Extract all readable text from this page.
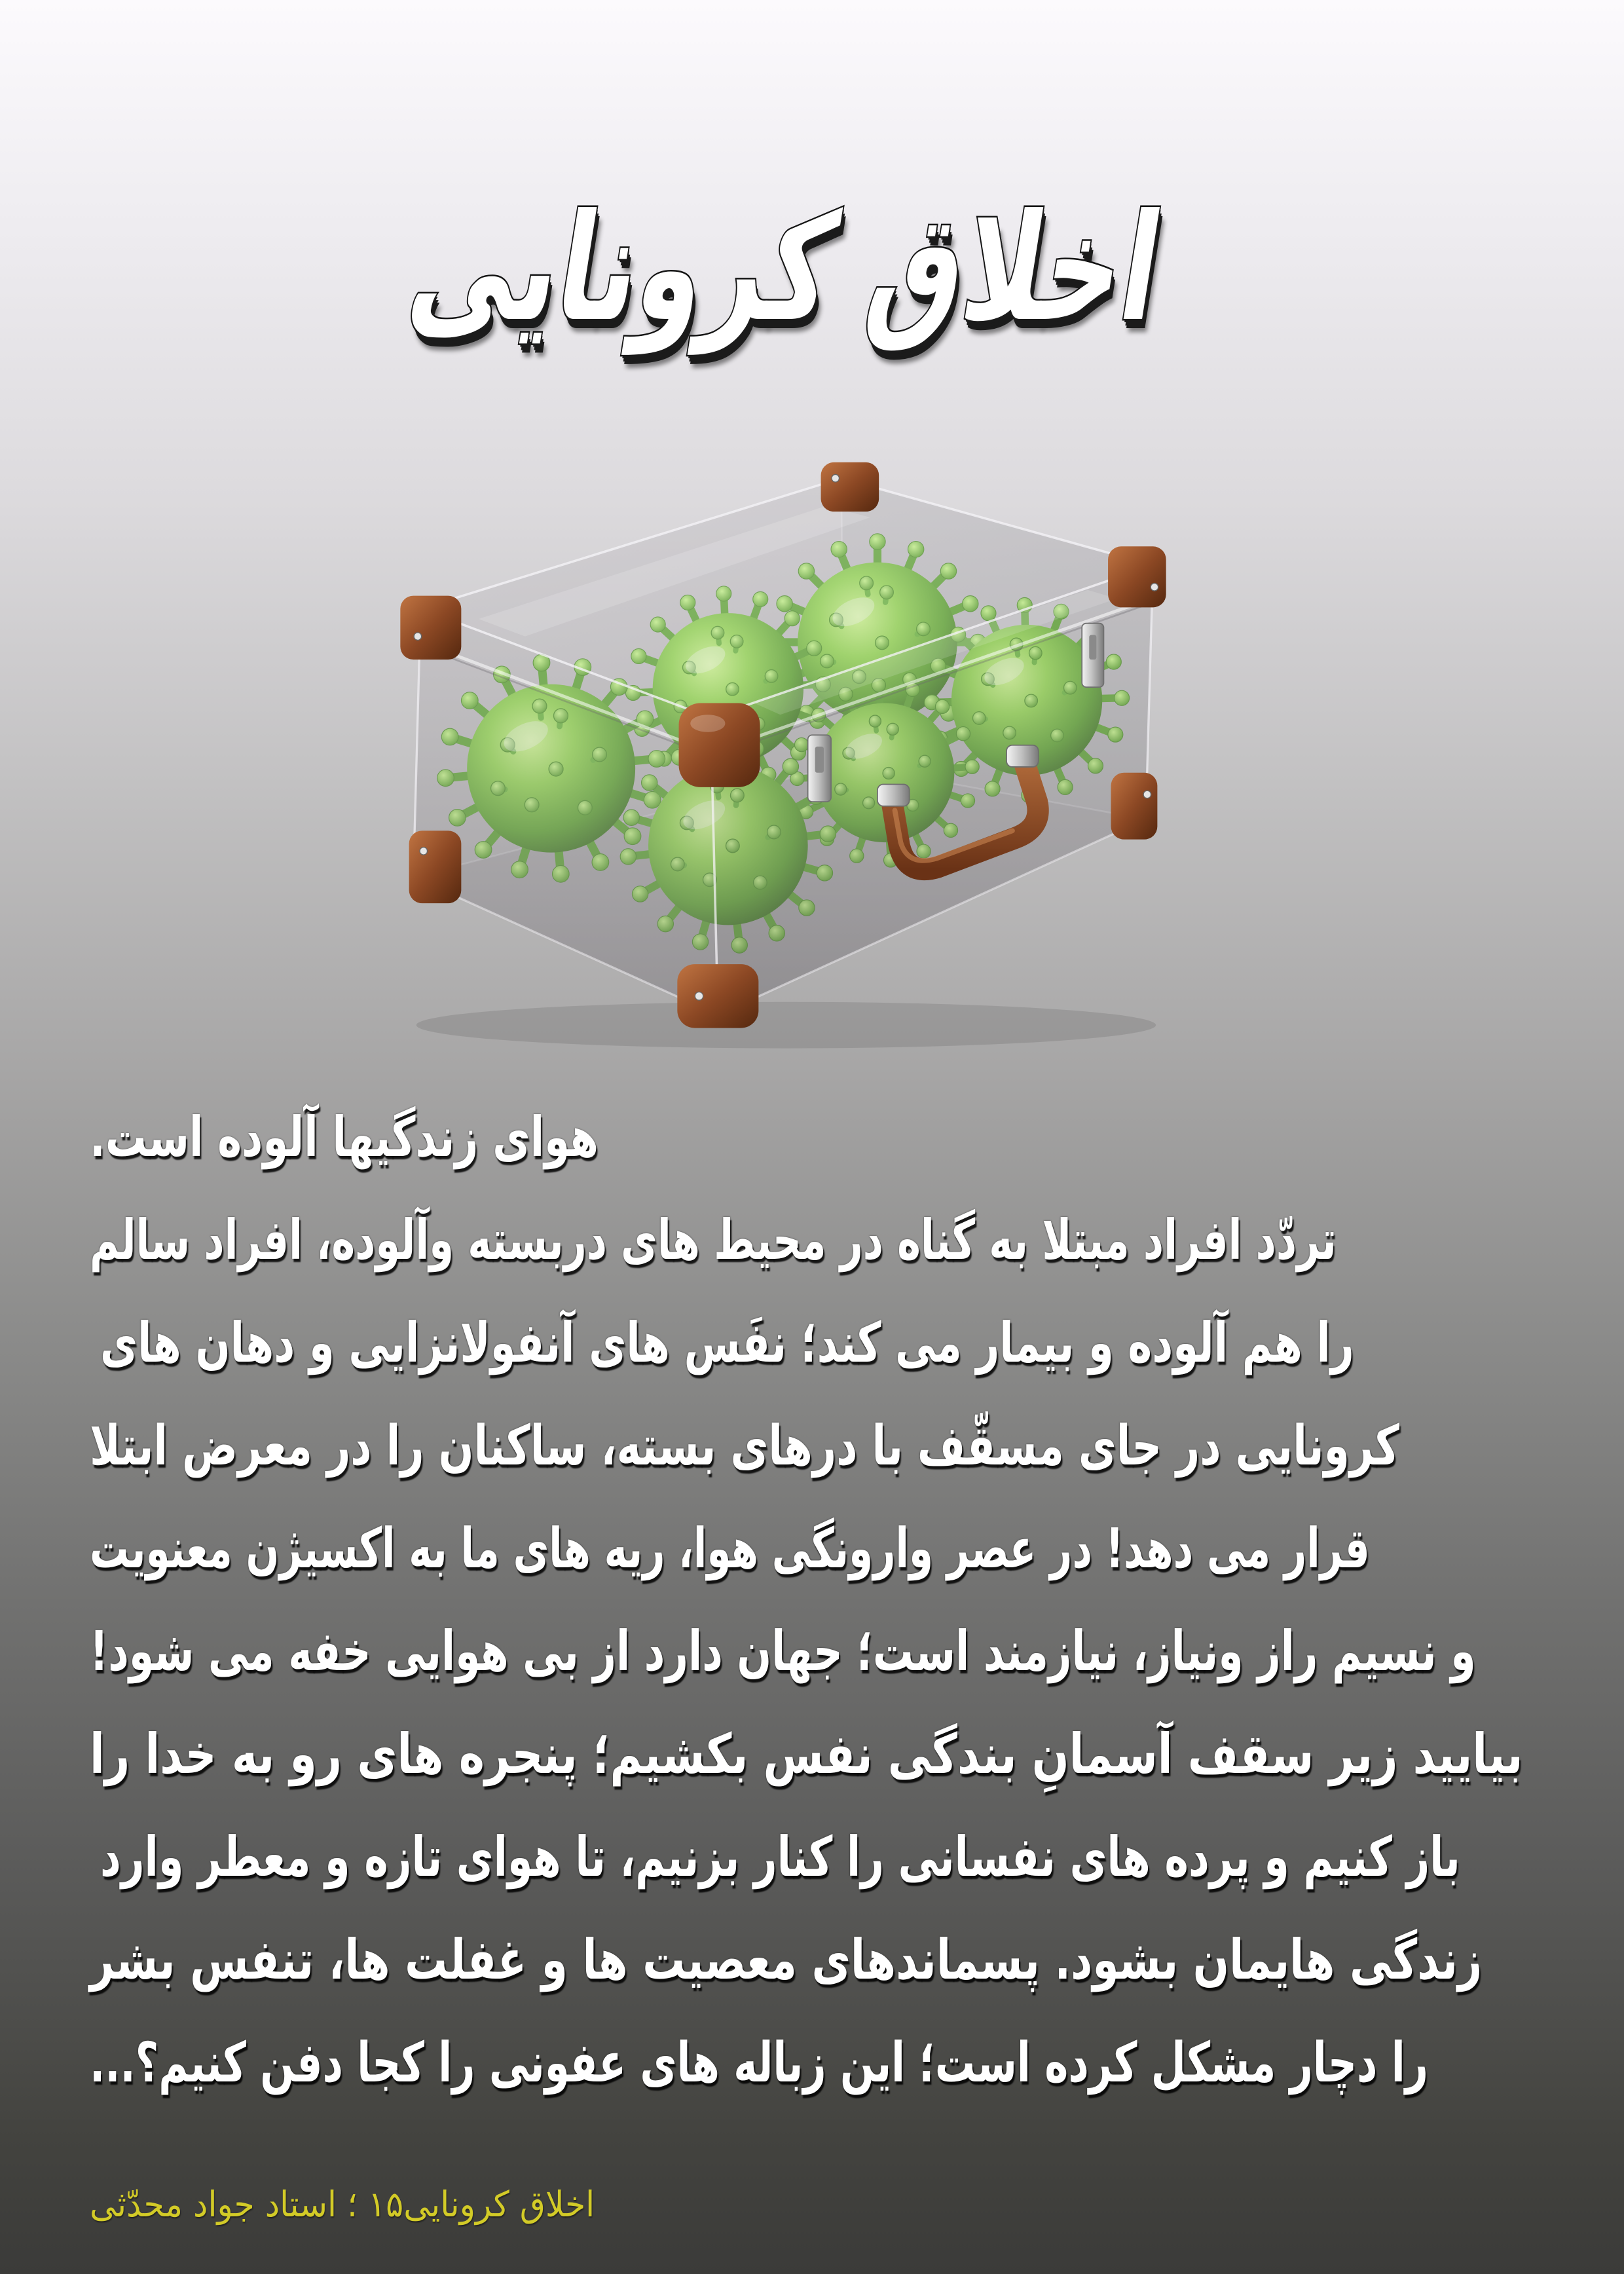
اخلاق کرونایی
هوای زندگیها آلوده است.
تردّد افراد مبتلا به گناه در محیط های دربسته وآلوده، افراد سالم
را هم آلوده و بیمار می کند؛ نفَس های آنفولانزایی و دهان های
کرونایی در جای مسقّف با درهای بسته، ساکنان را در معرض ابتلا
قرار می دهد! در عصر وارونگی هوا، ریه های ما به اکسیژن معنویت
و نسیم راز ونیاز، نیازمند است؛ جهان دارد از بی هوایی خفه می شود!
بیایید زیر سقف آسمانِ بندگی نفس بکشیم؛ پنجره های رو به خدا را
باز کنیم و پرده های نفسانی را کنار بزنیم، تا هوای تازه و معطر وارد
زندگی هایمان بشود. پسماندهای معصیت ها و غفلت ها، تنفس بشر
را دچار مشکل کرده است؛ این زباله های عفونی را کجا دفن کنیم؟...
اخلاق کرونایی۱۵ ؛ استاد جواد محدّثی
